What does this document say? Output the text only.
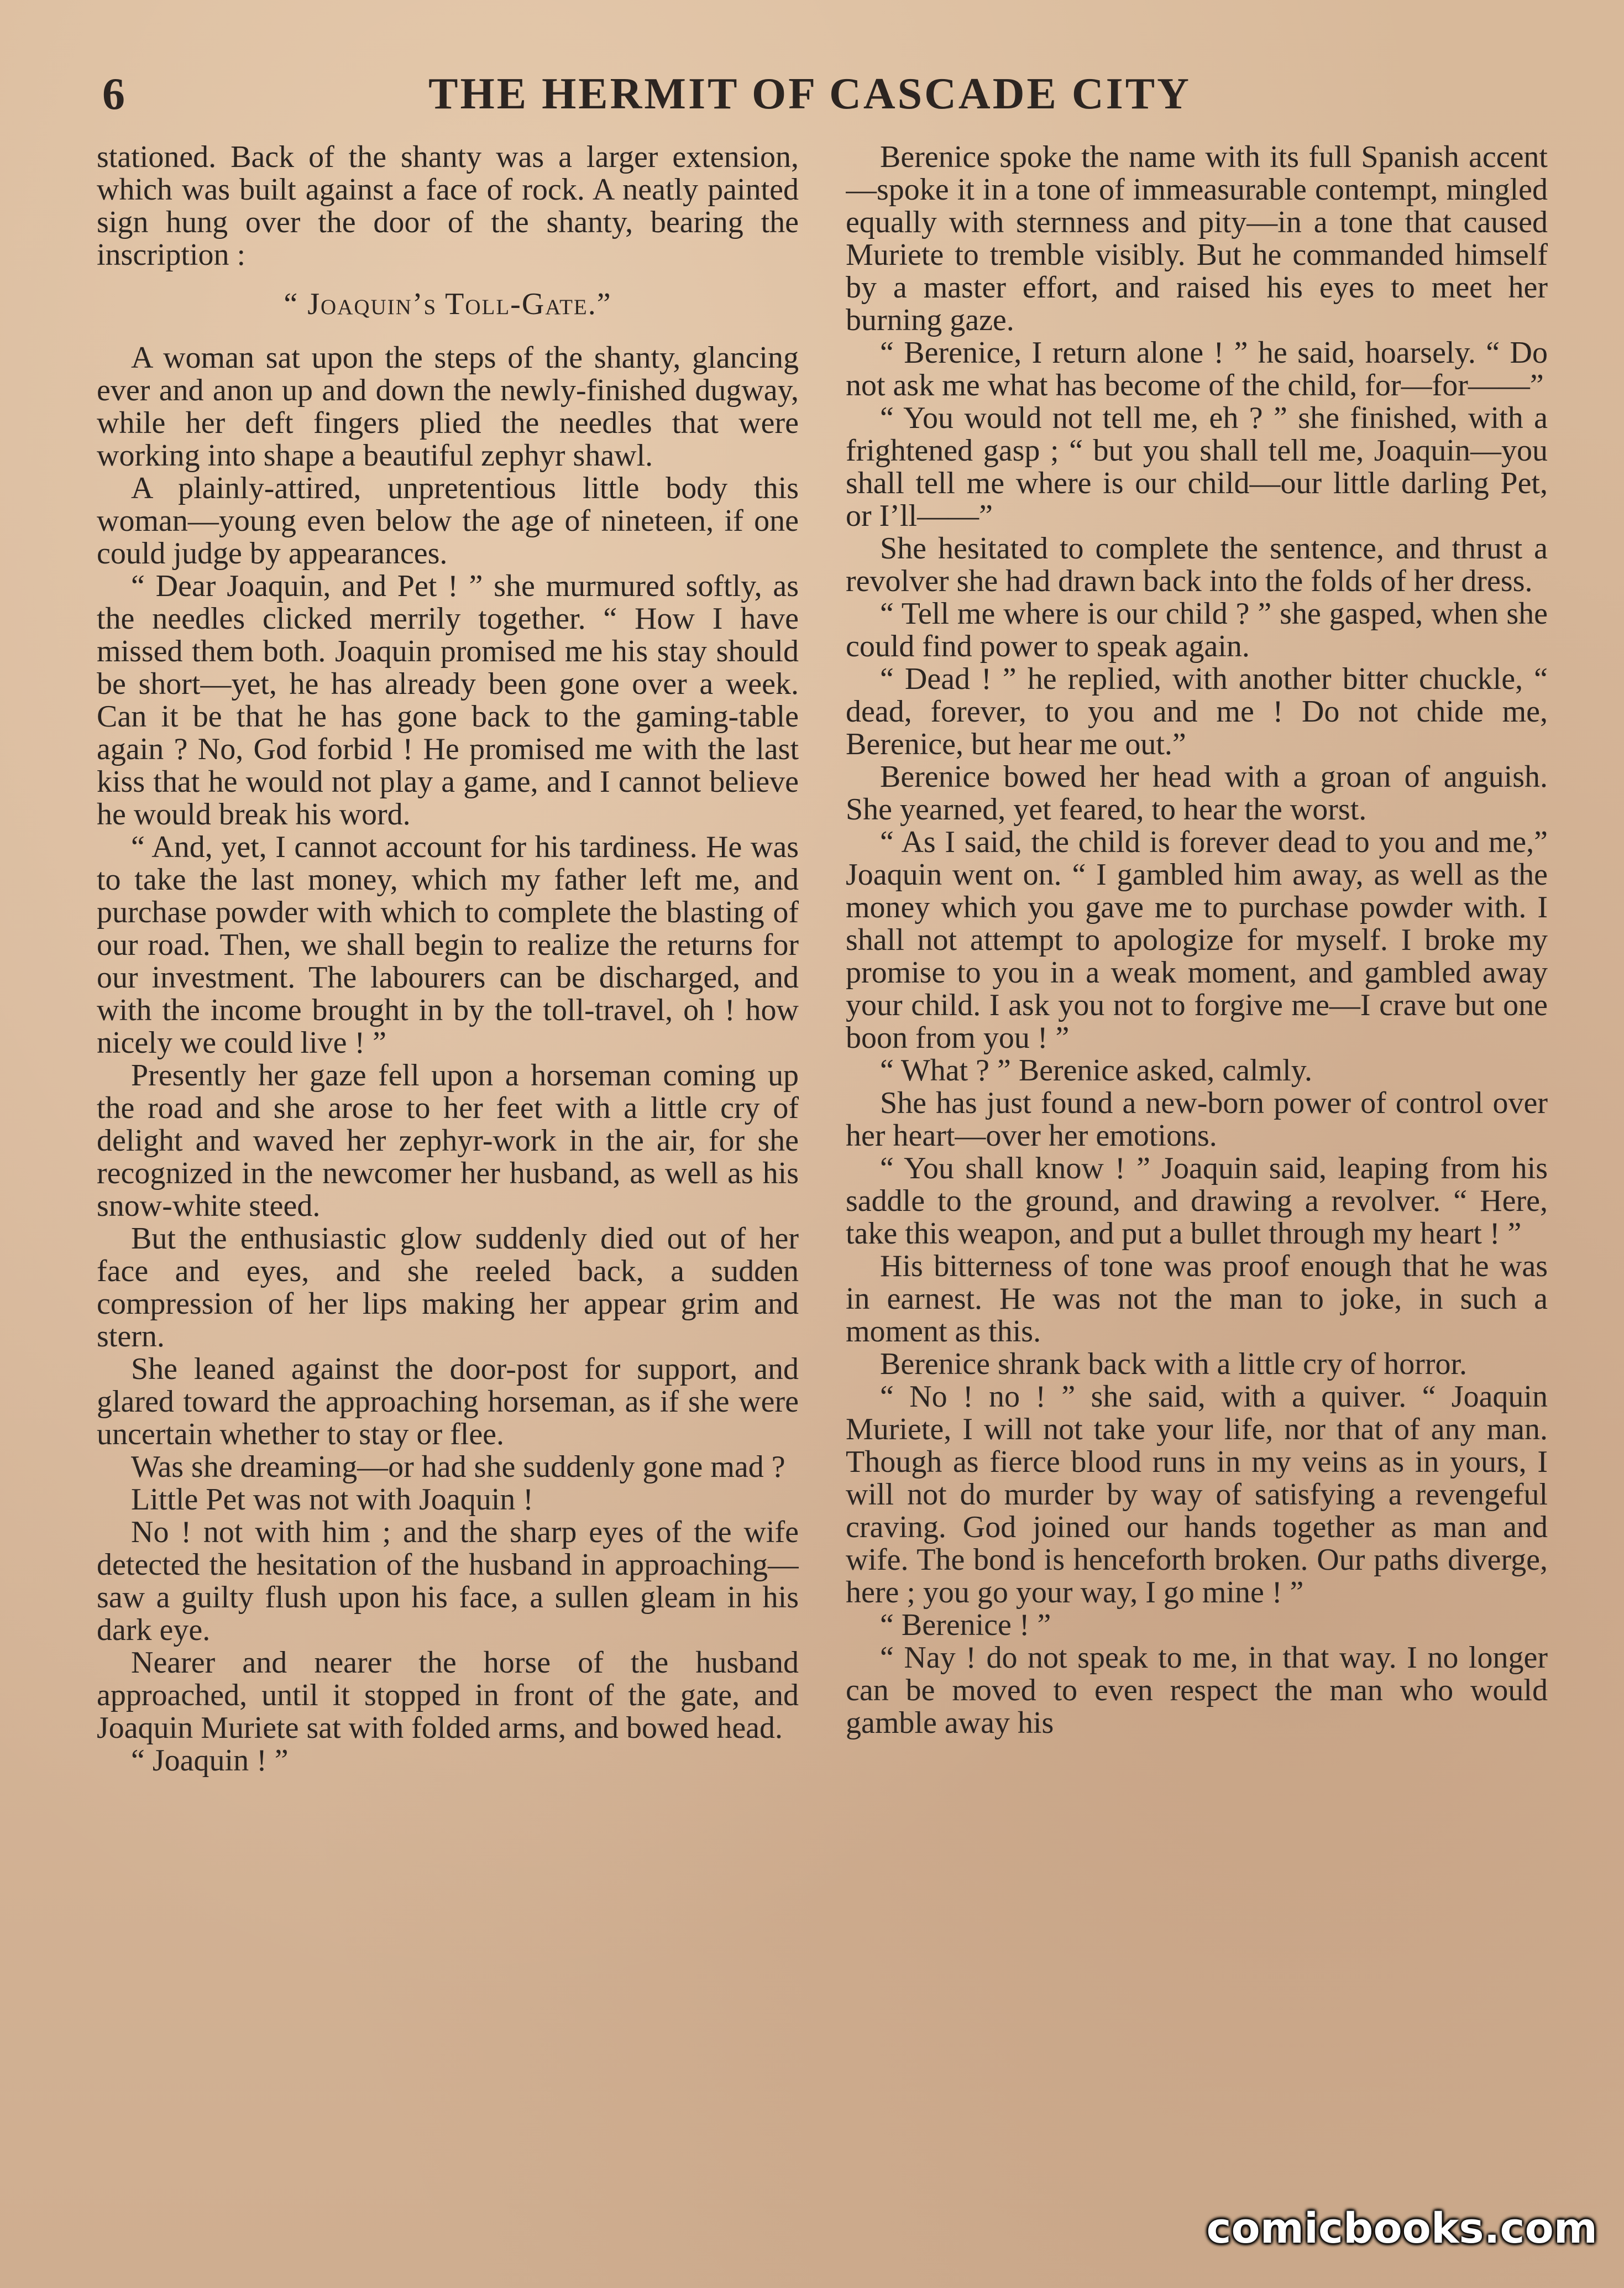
6	THE HERMIT OF CASCADE CITY

stationed. Back of the shanty was a larger extension, which was built against a face of rock. A neatly painted sign hung over the door of the shanty, bearing the inscription :

“ Joaquin’s Toll-Gate.”

A woman sat upon the steps of the shanty, glancing ever and anon up and down the newly-finished dugway, while her deft fingers plied the needles that were working into shape a beautiful zephyr shawl.

A plainly-attired, unpretentious little body this woman—young even below the age of nineteen, if one could judge by appearances.

“ Dear Joaquin, and Pet ! ” she murmured softly, as the needles clicked merrily together. “ How I have missed them both. Joaquin promised me his stay should be short—yet, he has already been gone over a week. Can it be that he has gone back to the gaming-table again ? No, God forbid ! He promised me with the last kiss that he would not play a game, and I cannot believe he would break his word.

“ And, yet, I cannot account for his tardiness. He was to take the last money, which my father left me, and purchase powder with which to complete the blasting of our road. Then, we shall begin to realize the returns for our investment. The labourers can be discharged, and with the income brought in by the toll-travel, oh ! how nicely we could live ! ”

Presently her gaze fell upon a horseman coming up the road and she arose to her feet with a little cry of delight and waved her zephyr-work in the air, for she recognized in the newcomer her husband, as well as his snow-white steed.

But the enthusiastic glow suddenly died out of her face and eyes, and she reeled back, a sudden compression of her lips making her appear grim and stern.

She leaned against the door-post for support, and glared toward the approaching horseman, as if she were uncertain whether to stay or flee.

Was she dreaming—or had she suddenly gone mad ?

Little Pet was not with Joaquin !

No ! not with him ; and the sharp eyes of the wife detected the hesitation of the husband in approaching—saw a guilty flush upon his face, a sullen gleam in his dark eye.

Nearer and nearer the horse of the husband approached, until it stopped in front of the gate, and Joaquin Muriete sat with folded arms, and bowed head.

“ Joaquin ! ”

Berenice spoke the name with its full Spanish accent—spoke it in a tone of immeasurable contempt, mingled equally with sternness and pity—in a tone that caused Muriete to tremble visibly. But he commanded himself by a master effort, and raised his eyes to meet her burning gaze.

“ Berenice, I return alone ! ” he said, hoarsely. “ Do not ask me what has become of the child, for—for——”

“ You would not tell me, eh ? ” she finished, with a frightened gasp ; “ but you shall tell me, Joaquin—you shall tell me where is our child—our little darling Pet, or I’ll——”

She hesitated to complete the sentence, and thrust a revolver she had drawn back into the folds of her dress.

“ Tell me where is our child ? ” she gasped, when she could find power to speak again.

“ Dead ! ” he replied, with another bitter chuckle, “ dead, forever, to you and me ! Do not chide me, Berenice, but hear me out.”

Berenice bowed her head with a groan of anguish. She yearned, yet feared, to hear the worst.

“ As I said, the child is forever dead to you and me,” Joaquin went on. “ I gambled him away, as well as the money which you gave me to purchase powder with. I shall not attempt to apologize for myself. I broke my promise to you in a weak moment, and gambled away your child. I ask you not to forgive me—I crave but one boon from you ! ”

“ What ? ” Berenice asked, calmly.

She has just found a new-born power of control over her heart—over her emotions.

“ You shall know ! ” Joaquin said, leaping from his saddle to the ground, and drawing a revolver. “ Here, take this weapon, and put a bullet through my heart ! ”

His bitterness of tone was proof enough that he was in earnest. He was not the man to joke, in such a moment as this.

Berenice shrank back with a little cry of horror.

“ No ! no ! ” she said, with a quiver. “ Joaquin Muriete, I will not take your life, nor that of any man. Though as fierce blood runs in my veins as in yours, I will not do murder by way of satisfying a revengeful craving. God joined our hands together as man and wife. The bond is henceforth broken. Our paths diverge, here ; you go your way, I go mine ! ”

“ Berenice ! ”

“ Nay ! do not speak to me, in that way. I no longer can be moved to even respect the man who would gamble away his

comicbooks.com
